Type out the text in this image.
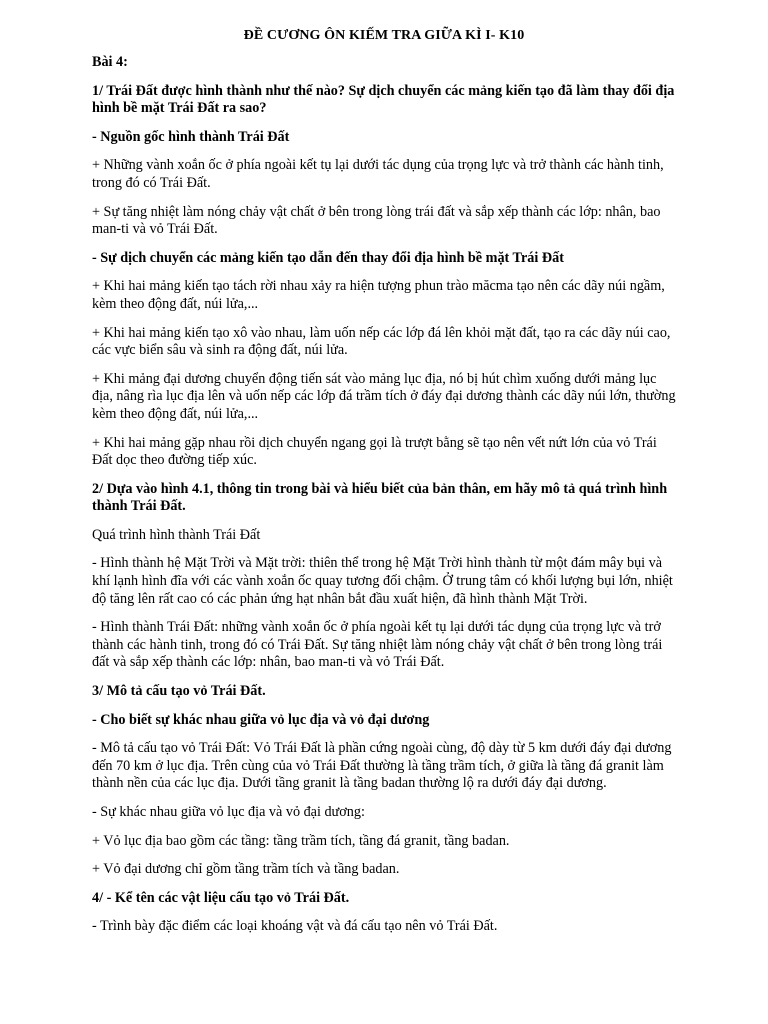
ĐỀ CƯƠNG ÔN KIẾM TRA GIỮA KÌ I- K10

Bài 4:

1/ Trái Đất được hình thành như thế nào? Sự dịch chuyển các mảng kiến tạo đã làm thay đổi địa hình bề mặt Trái Đất ra sao?

- Nguồn gốc hình thành Trái Đất

+ Những vành xoắn ốc ở phía ngoài kết tụ lại dưới tác dụng của trọng lực và trở thành các hành tinh, trong đó có Trái Đất.

+ Sự tăng nhiệt làm nóng chảy vật chất ở bên trong lòng trái đất và sắp xếp thành các lớp: nhân, bao man-ti và vỏ Trái Đất.

- Sự dịch chuyển các mảng kiến tạo dẫn đến thay đổi địa hình bề mặt Trái Đất

+ Khi hai mảng kiến tạo tách rời nhau xảy ra hiện tượng phun trào măcma tạo nên các dãy núi ngầm, kèm theo động đất, núi lửa,...

+ Khi hai mảng kiến tạo xô vào nhau, làm uốn nếp các lớp đá lên khỏi mặt đất, tạo ra các dãy núi cao, các vực biển sâu và sinh ra động đất, núi lửa.

+ Khi mảng đại dương chuyển động tiến sát vào mảng lục địa, nó bị hút chìm xuống dưới mảng lục địa, nâng rìa lục địa lên và uốn nếp các lớp đá trầm tích ở đáy đại dương thành các dãy núi lớn, thường kèm theo động đất, núi lửa,...

+ Khi hai mảng gặp nhau rồi dịch chuyển ngang gọi là trượt bằng sẽ tạo nên vết nứt lớn của vỏ Trái Đất dọc theo đường tiếp xúc.

2/ Dựa vào hình 4.1, thông tin trong bài và hiểu biết của bản thân, em hãy mô tả quá trình hình thành Trái Đất.

Quá trình hình thành Trái Đất

- Hình thành hệ Mặt Trời và Mặt trời: thiên thể trong hệ Mặt Trời hình thành từ một đám mây bụi và khí lạnh hình đĩa với các vành xoắn ốc quay tương đối chậm. Ở trung tâm có khối lượng bụi lớn, nhiệt độ tăng lên rất cao có các phản ứng hạt nhân bắt đầu xuất hiện, đã hình thành Mặt Trời.

- Hình thành Trái Đất: những vành xoắn ốc ở phía ngoài kết tụ lại dưới tác dụng của trọng lực và trở thành các hành tinh, trong đó có Trái Đất. Sự tăng nhiệt làm nóng chảy vật chất ở bên trong lòng trái đất và sắp xếp thành các lớp: nhân, bao man-ti và vỏ Trái Đất.

3/ Mô tả cấu tạo vỏ Trái Đất.

- Cho biết sự khác nhau giữa vỏ lục địa và vỏ đại dương

- Mô tả cấu tạo vỏ Trái Đất: Vỏ Trái Đất là phần cứng ngoài cùng, độ dày từ 5 km dưới đáy đại dương đến 70 km ở lục địa. Trên cùng của vỏ Trái Đất thường là tầng trầm tích, ở giữa là tầng đá granit làm thành nền của các lục địa. Dưới tầng granit là tầng badan thường lộ ra dưới đáy đại dương.

- Sự khác nhau giữa vỏ lục địa và vỏ đại dương:

+ Vỏ lục địa bao gồm các tầng: tầng trầm tích, tầng đá granit, tầng badan.

+ Vỏ đại dương chỉ gồm tầng trầm tích và tầng badan.

4/ - Kể tên các vật liệu cấu tạo vỏ Trái Đất.

- Trình bày đặc điểm các loại khoáng vật và đá cấu tạo nên vỏ Trái Đất.
